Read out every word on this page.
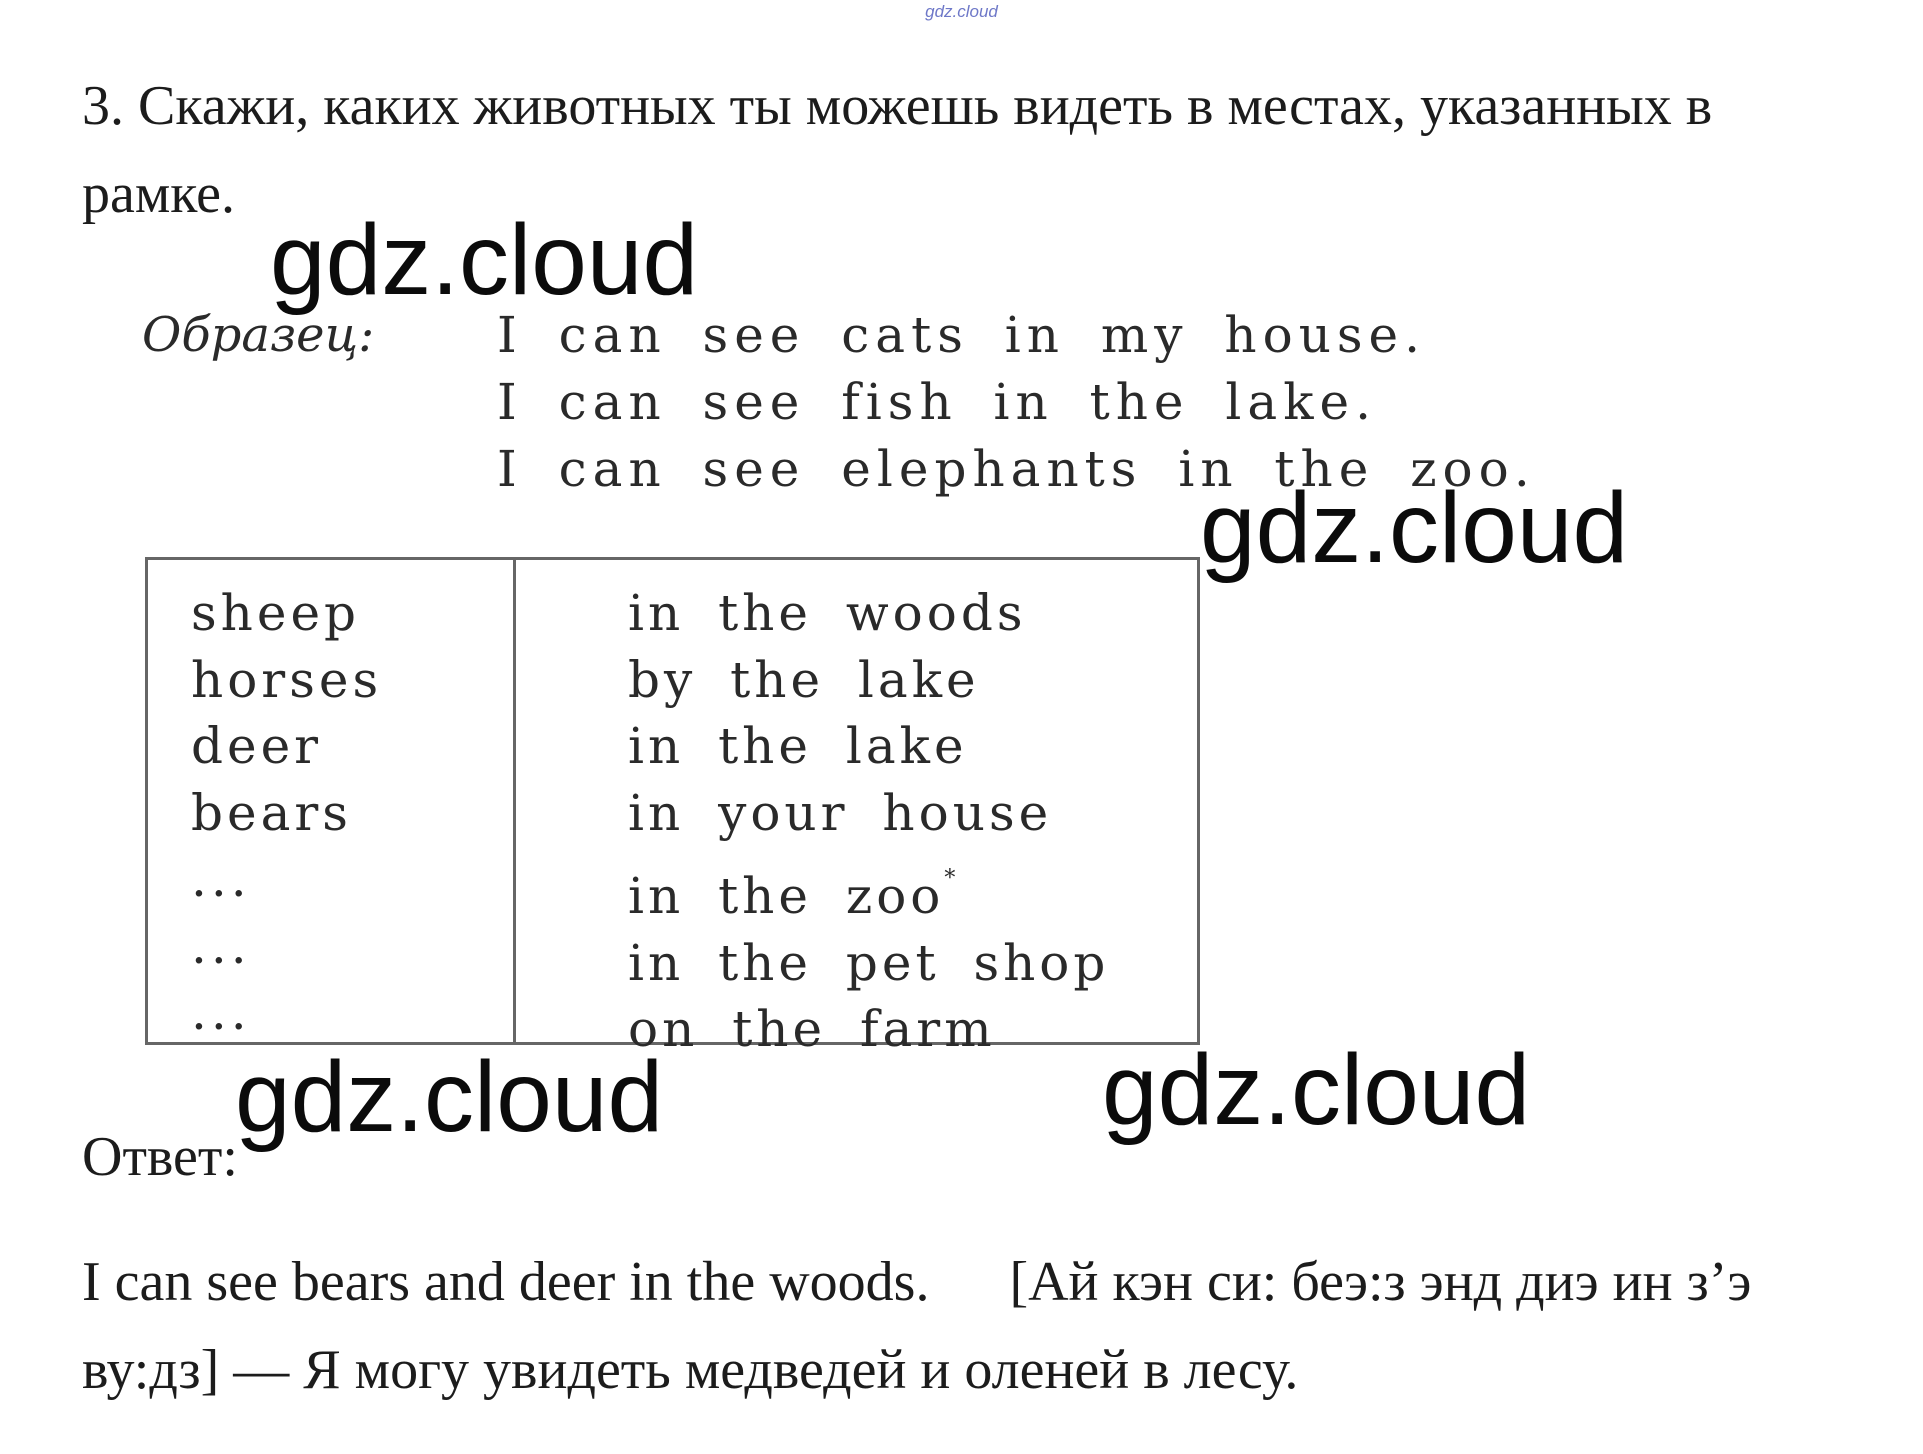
gdz.cloud
3. Скажи, каких животных ты можешь видеть в местах, указанных в рамке.
Образец: I can see cats in my house.
I can see fish in the lake.
I can see elephants in the zoo.
sheep
horses
deer
bears
...
...
...
in the woods
by the lake
in the lake
in your house
in the zoo*
in the pet shop
on the farm
Ответ:

I can see bears and deer in the woods. [Ай кэн си: беэ:з энд диэ ин з’э ву:дз] — Я могу увидеть медведей и оленей в лесу.

gdz.cloud
gdz.cloud
gdz.cloud	gdz.cloud
